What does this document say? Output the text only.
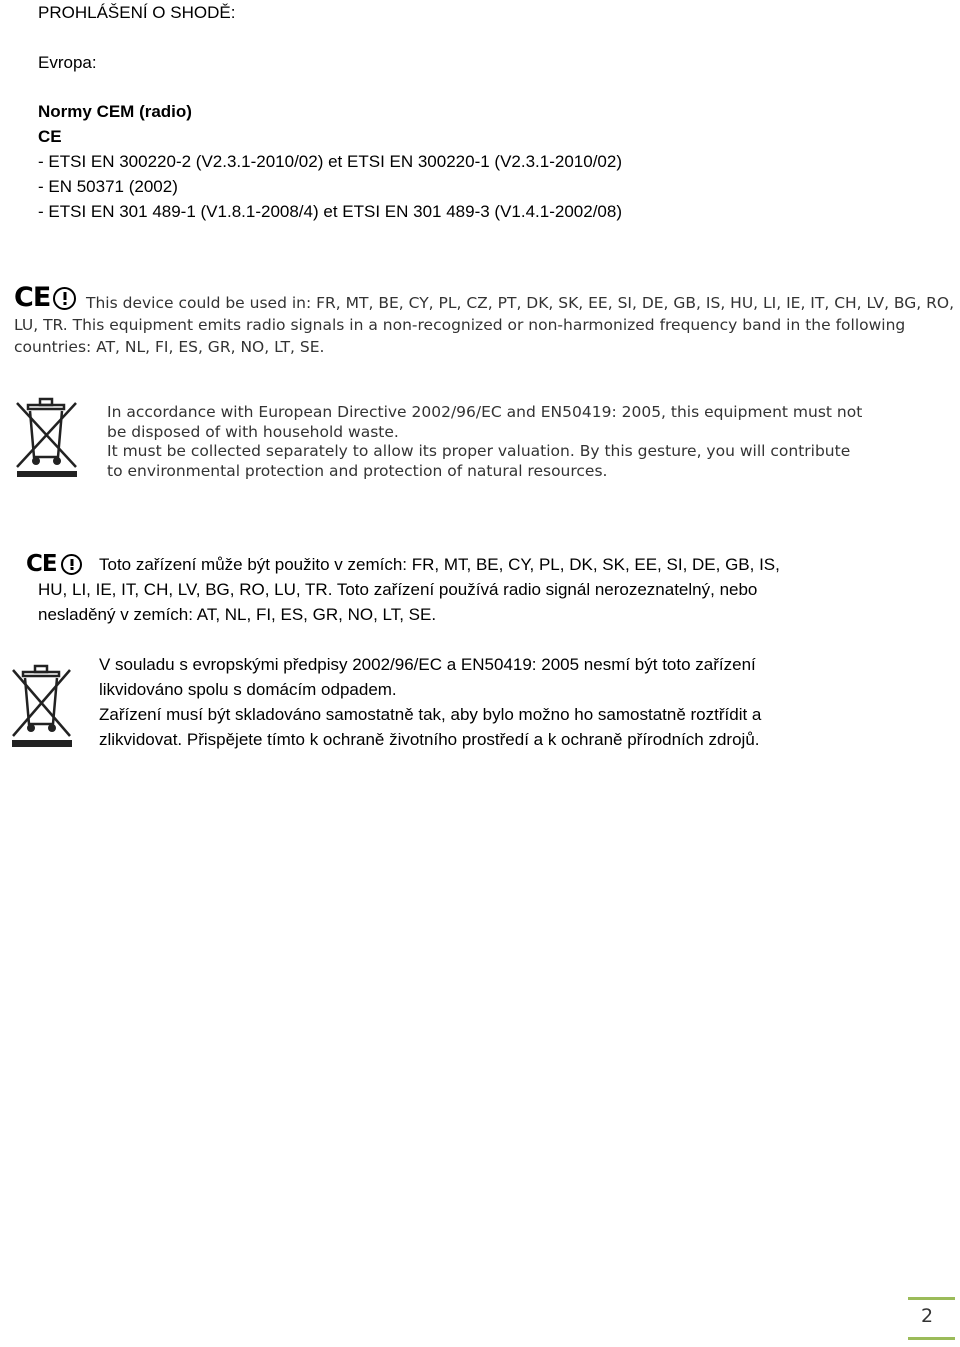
PROHLÁŠENÍ O SHODĚ:
Evropa:
Normy CEM (radio)
CE
- ETSI EN 300220-2 (V2.3.1-2010/02) et ETSI EN 300220-1 (V2.3.1-2010/02)
- EN 50371 (2002)
- ETSI EN 301 489-1 (V1.8.1-2008/4) et ETSI EN 301 489-3 (V1.4.1-2002/08)
CE This device could be used in: FR, MT, BE, CY, PL, CZ, PT, DK, SK, EE, SI, DE, GB, IS, HU, LI, IE, IT, CH, LV, BG, RO,
LU, TR. This equipment emits radio signals in a non-recognized or non-harmonized frequency band in the following
countries: AT, NL, FI, ES, GR, NO, LT, SE.
In accordance with European Directive 2002/96/EC and EN50419: 2005, this equipment must not
be disposed of with household waste.
It must be collected separately to allow its proper valuation. By this gesture, you will contribute
to environmental protection and protection of natural resources.
CE Toto zařízení může být použito v zemích: FR, MT, BE, CY, PL, DK, SK, EE, SI, DE, GB, IS,
HU, LI, IE, IT, CH, LV, BG, RO, LU, TR. Toto zařízení používá radio signál nerozeznatelný, nebo
nesladěný v zemích: AT, NL, FI, ES, GR, NO, LT, SE.
V souladu s evropskými předpisy 2002/96/EC a EN50419: 2005 nesmí být toto zařízení
likvidováno spolu s domácím odpadem.
Zařízení musí být skladováno samostatně tak, aby bylo možno ho samostatně roztřídit a
zlikvidovat. Přispějete tímto k ochraně životního prostředí a k ochraně přírodních zdrojů.
2
